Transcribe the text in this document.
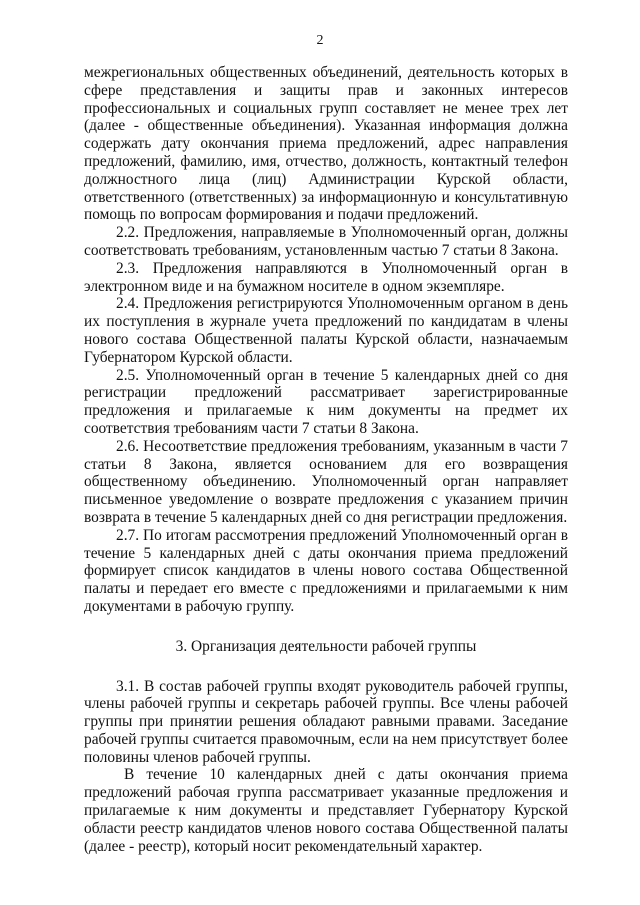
2

межрегиональных общественных объединений, деятельность которых в сфере представления и защиты прав и законных интересов профессиональных и социальных групп составляет не менее трех лет (далее - общественные объединения). Указанная информация должна содержать дату окончания приема предложений, адрес направления предложений, фамилию, имя, отчество, должность, контактный телефон должностного лица (лиц) Администрации Курской области, ответственного (ответственных) за информационную и консультативную помощь по вопросам формирования и подачи предложений.

2.2. Предложения, направляемые в Уполномоченный орган, должны соответствовать требованиям, установленным частью 7 статьи 8 Закона.

2.3. Предложения направляются в Уполномоченный орган в электронном виде и на бумажном носителе в одном экземпляре.

2.4. Предложения регистрируются Уполномоченным органом в день их поступления в журнале учета предложений по кандидатам в члены нового состава Общественной палаты Курской области, назначаемым Губернатором Курской области.

2.5. Уполномоченный орган в течение 5 календарных дней со дня регистрации предложений рассматривает зарегистрированные предложения и прилагаемые к ним документы на предмет их соответствия требованиям части 7 статьи 8 Закона.

2.6. Несоответствие предложения требованиям, указанным в части 7 статьи 8 Закона, является основанием для его возвращения общественному объединению. Уполномоченный орган направляет письменное уведомление о возврате предложения с указанием причин возврата в течение 5 календарных дней со дня регистрации предложения.

2.7. По итогам рассмотрения предложений Уполномоченный орган в течение 5 календарных дней с даты окончания приема предложений формирует список кандидатов в члены нового состава Общественной палаты и передает его вместе с предложениями и прилагаемыми к ним документами в рабочую группу.

3. Организация деятельности рабочей группы

3.1. В состав рабочей группы входят руководитель рабочей группы, члены рабочей группы и секретарь рабочей группы. Все члены рабочей группы при принятии решения обладают равными правами. Заседание рабочей группы считается правомочным, если на нем присутствует более половины членов рабочей группы.

В течение 10 календарных дней с даты окончания приема предложений рабочая группа рассматривает указанные предложения и прилагаемые к ним документы и представляет Губернатору Курской области реестр кандидатов членов нового состава Общественной палаты (далее - реестр), который носит рекомендательный характер.
